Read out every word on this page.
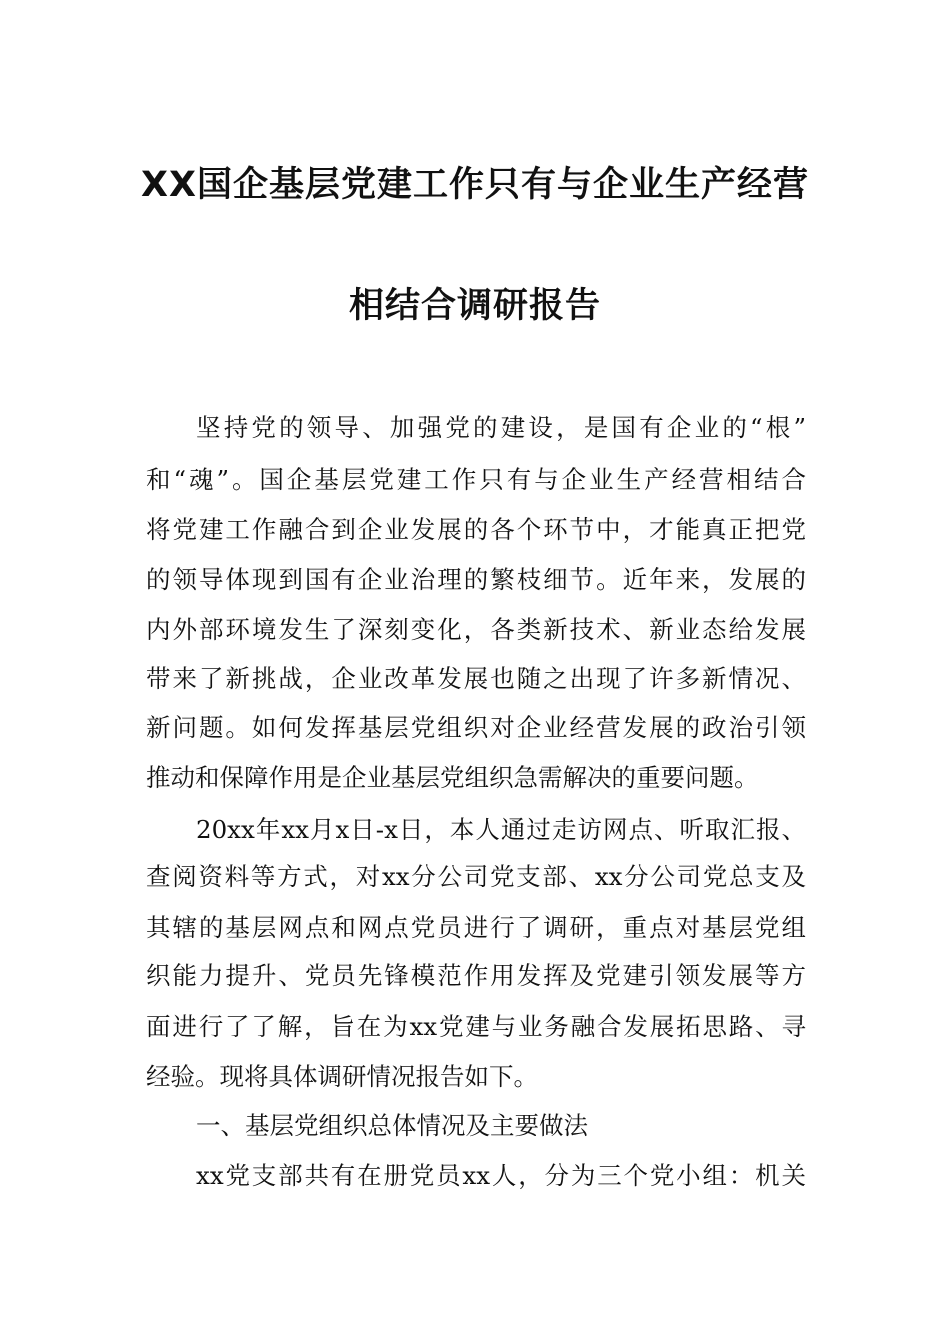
XX国企基层党建工作只有与企业生产经营
相结合调研报告
坚持党的领导、加强党的建设，是国有企业的“根”
和“魂”。国企基层党建工作只有与企业生产经营相结合
将党建工作融合到企业发展的各个环节中，才能真正把党
的领导体现到国有企业治理的繁枝细节。近年来，发展的
内外部环境发生了深刻变化，各类新技术、新业态给发展
带来了新挑战，企业改革发展也随之出现了许多新情况、
新问题。如何发挥基层党组织对企业经营发展的政治引领
推动和保障作用是企业基层党组织急需解决的重要问题。
20xx年xx月x日-x日，本人通过走访网点、听取汇报、
查阅资料等方式，对xx分公司党支部、xx分公司党总支及
其辖的基层网点和网点党员进行了调研，重点对基层党组
织能力提升、党员先锋模范作用发挥及党建引领发展等方
面进行了了解，旨在为xx党建与业务融合发展拓思路、寻
经验。现将具体调研情况报告如下。
一、基层党组织总体情况及主要做法
xx党支部共有在册党员xx人，分为三个党小组：机关
